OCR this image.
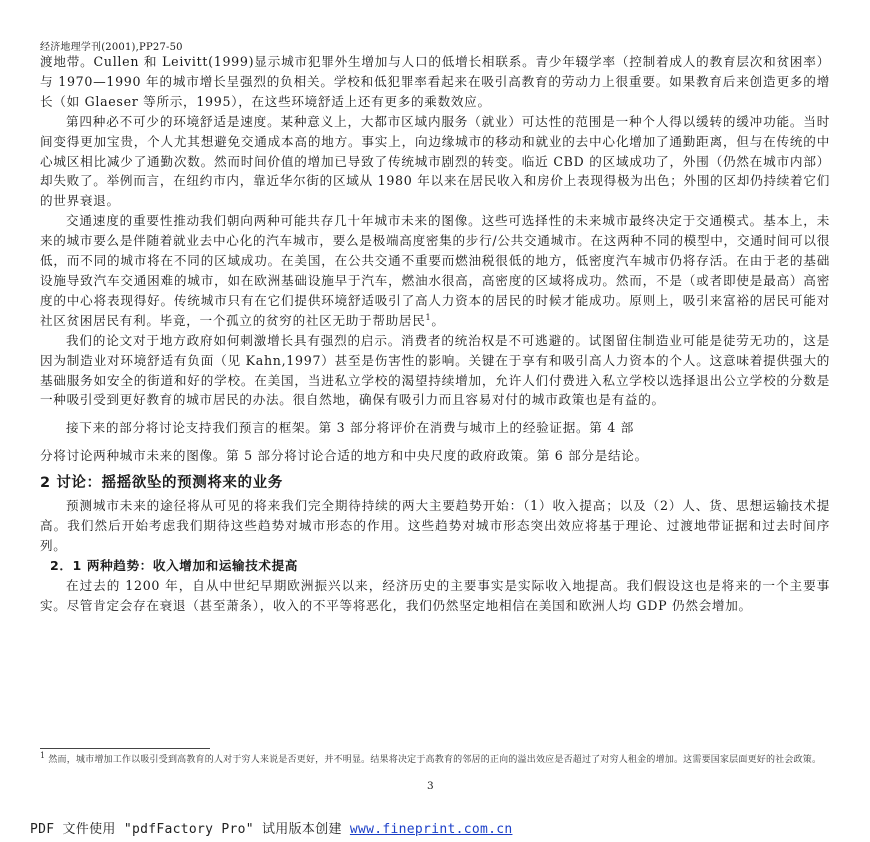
经济地理学刊(2001),PP27-50

渡地带。Cullen 和 Leivitt(1999)显示城市犯罪外生增加与人口的低增长相联系。青少年辍学率（控制着成人的教育层次和贫困率）与 1970—1990 年的城市增长呈强烈的负相关。学校和低犯罪率看起来在吸引高教育的劳动力上很重要。如果教育后来创造更多的增长（如 Glaeser 等所示，1995），在这些环境舒适上还有更多的乘数效应。

第四种必不可少的环境舒适是速度。某种意义上，大都市区域内服务（就业）可达性的范围是一种个人得以缓转的缓冲功能。当时间变得更加宝贵，个人尤其想避免交通成本高的地方。事实上，向边缘城市的移动和就业的去中心化增加了通勤距离，但与在传统的中心城区相比减少了通勤次数。然而时间价值的增加已导致了传统城市剧烈的转变。临近 CBD 的区域成功了，外围（仍然在城市内部）却失败了。举例而言，在纽约市内，靠近华尔街的区域从 1980 年以来在居民收入和房价上表现得极为出色；外围的区却仍持续着它们的世界衰退。

交通速度的重要性推动我们朝向两种可能共存几十年城市未来的图像。这些可选择性的未来城市最终决定于交通模式。基本上，未来的城市要么是伴随着就业去中心化的汽车城市，要么是极端高度密集的步行/公共交通城市。在这两种不同的模型中，交通时间可以很低，而不同的城市将在不同的区域成功。在美国，在公共交通不重要而燃油税很低的地方，低密度汽车城市仍将存活。在由于老的基础设施导致汽车交通困难的城市，如在欧洲基础设施早于汽车，燃油水很高，高密度的区域将成功。然而，不是（或者即使是最高）高密度的中心将表现得好。传统城市只有在它们提供环境舒适吸引了高人力资本的居民的时候才能成功。原则上，吸引来富裕的居民可能对社区贫困居民有利。毕竟，一个孤立的贫穷的社区无助于帮助居民$^1$。

我们的论文对于地方政府如何刺激增长具有强烈的启示。消费者的统治权是不可逃避的。试图留住制造业可能是徒劳无功的，这是因为制造业对环境舒适有负面（见 Kahn,1997）甚至是伤害性的影响。关键在于享有和吸引高人力资本的个人。这意味着提供强大的基础服务如安全的街道和好的学校。在美国，当进私立学校的渴望持续增加，允许人们付费进入私立学校以选择退出公立学校的分数是一种吸引受到更好教育的城市居民的办法。很自然地，确保有吸引力而且容易对付的城市政策也是有益的。

接下来的部分将讨论支持我们预言的框架。第 3 部分将评价在消费与城市上的经验证据。第 4 部

分将讨论两种城市未来的图像。第 5 部分将讨论合适的地方和中央尺度的政府政策。第 6 部分是结论。

2 讨论：摇摇欲坠的预测将来的业务

预测城市未来的途径将从可见的将来我们完全期待持续的两大主要趋势开始：（1）收入提高；以及（2）人、货、思想运输技术提高。我们然后开始考虑我们期待这些趋势对城市形态的作用。这些趋势对城市形态突出效应将基于理论、过渡地带证据和过去时间序列。

2．1 两种趋势：收入增加和运输技术提高

在过去的 1200 年，自从中世纪早期欧洲振兴以来，经济历史的主要事实是实际收入地提高。我们假设这也是将来的一个主要事实。尽管肯定会存在衰退（甚至萧条），收入的不平等将恶化，我们仍然坚定地相信在美国和欧洲人均 GDP 仍然会增加。

$^1$ 然而，城市增加工作以吸引受到高教育的人对于穷人来说是否更好，并不明显。结果将决定于高教育的邻居的正向的溢出效应是否超过了对穷人租金的增加。这需要国家层面更好的社会政策。
3
PDF 文件使用 "pdfFactory Pro" 试用版本创建 www.fineprint.com.cn
